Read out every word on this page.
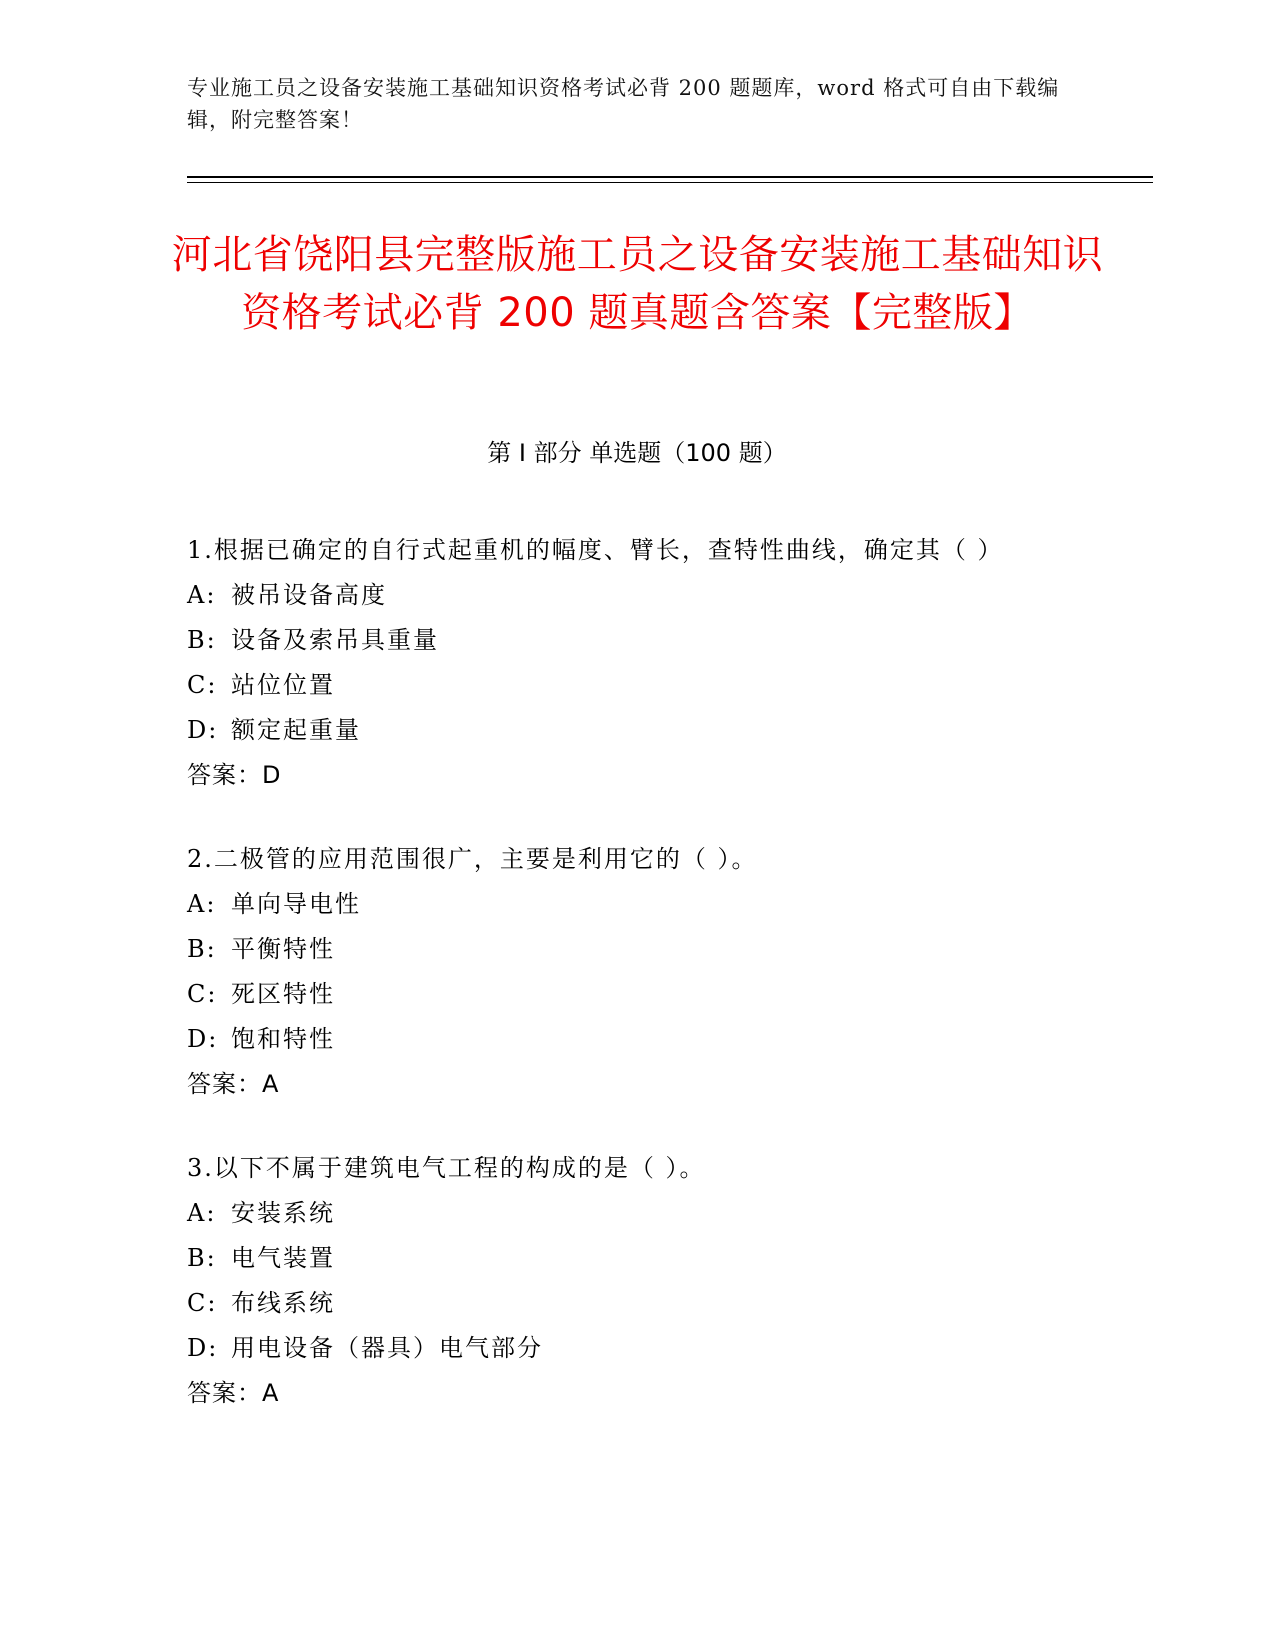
专业施工员之设备安装施工基础知识资格考试必背 200 题题库，word 格式可自由下载编辑，附完整答案！
河北省饶阳县完整版施工员之设备安装施工基础知识资格考试必背 200 题真题含答案【完整版】
第 I 部分 单选题（100 题）
1.根据已确定的自行式起重机的幅度、臂长，查特性曲线，确定其（ ）
A: 被吊设备高度
B: 设备及索吊具重量
C: 站位位置
D: 额定起重量
答案：D
2.二极管的应用范围很广，主要是利用它的（ ）。
A: 单向导电性
B: 平衡特性
C: 死区特性
D: 饱和特性
答案：A
3.以下不属于建筑电气工程的构成的是（ ）。
A: 安装系统
B: 电气装置
C: 布线系统
D: 用电设备（器具）电气部分
答案：A
